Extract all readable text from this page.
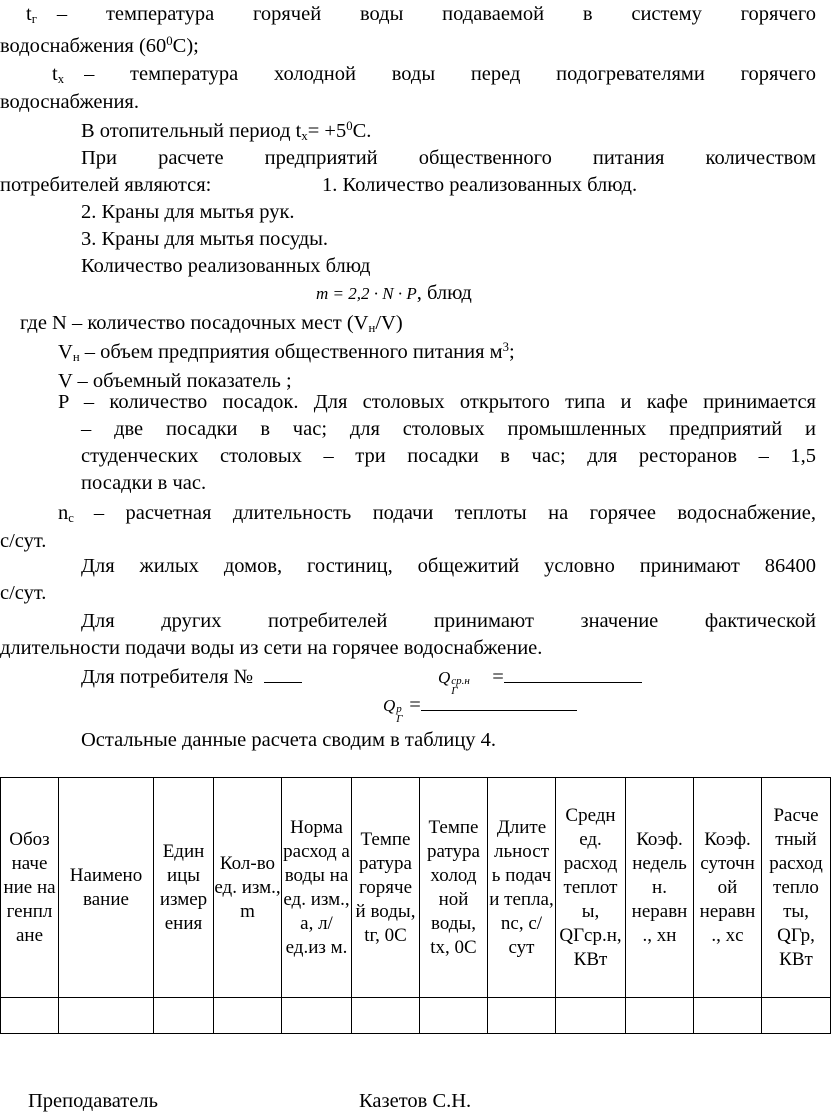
$t_г$ – температура горячей воды подаваемой в систему горячего
водоснабжения $(60^0С)$;
$t_х$ – температура холодной воды перед подогревателями горячего
водоснабжения.
В отопительный период $t_х= +5^0С$.
При расчете предприятий общественного питания количеством
потребителей являются:	1. Количество реализованных блюд.
2. Краны для мытья рук.
3. Краны для мытья посуды.
Количество реализованных блюд
m = 2,2 · N · P, блюд
где N – количество посадочных мест $(V_н/V)$
$V_н$ – объем предприятия общественного питания $м^3$;
V – объемный показатель ;
P – количество посадок. Для столовых открытого типа и кафе принимается
– две посадки в час; для столовых промышленных предприятий и
студенческих столовых – три посадки в час; для ресторанов – 1,5
посадки в час.
$n_с$ – расчетная длительность подачи теплоты на горячее водоснабжение,
с/сут.
Для жилых домов, гостиниц, общежитий условно принимают 86400
с/сут.
Для других потребителей принимают значение фактической
длительности подачи воды из сети на горячее водоснабжение.
Для потребителя №	Q ср.н
Г
=
Q р
Г
=
Остальные данные расчета сводим в таблицу 4.
Обоз наче ние на генпл ане	Наимено вание	Един ицы измер ения	Кол-во ед. изм., m	Норма расход а воды на ед. изм., a, л/ед.из м.	Темпе ратура горяче й воды, tг, 0С	Темпе ратура холод ной воды, tх, 0С	Длите льност ь подач и тепла, nс, с/сут	Средн ед. расход теплот ы, QГср.н, КВт	Коэф. недель н. неравн ., xн	Коэф. суточн ой неравн ., xс	Расче тный расход тепло ты, QГр, КВт

Преподаватель	Казетов С.Н.
